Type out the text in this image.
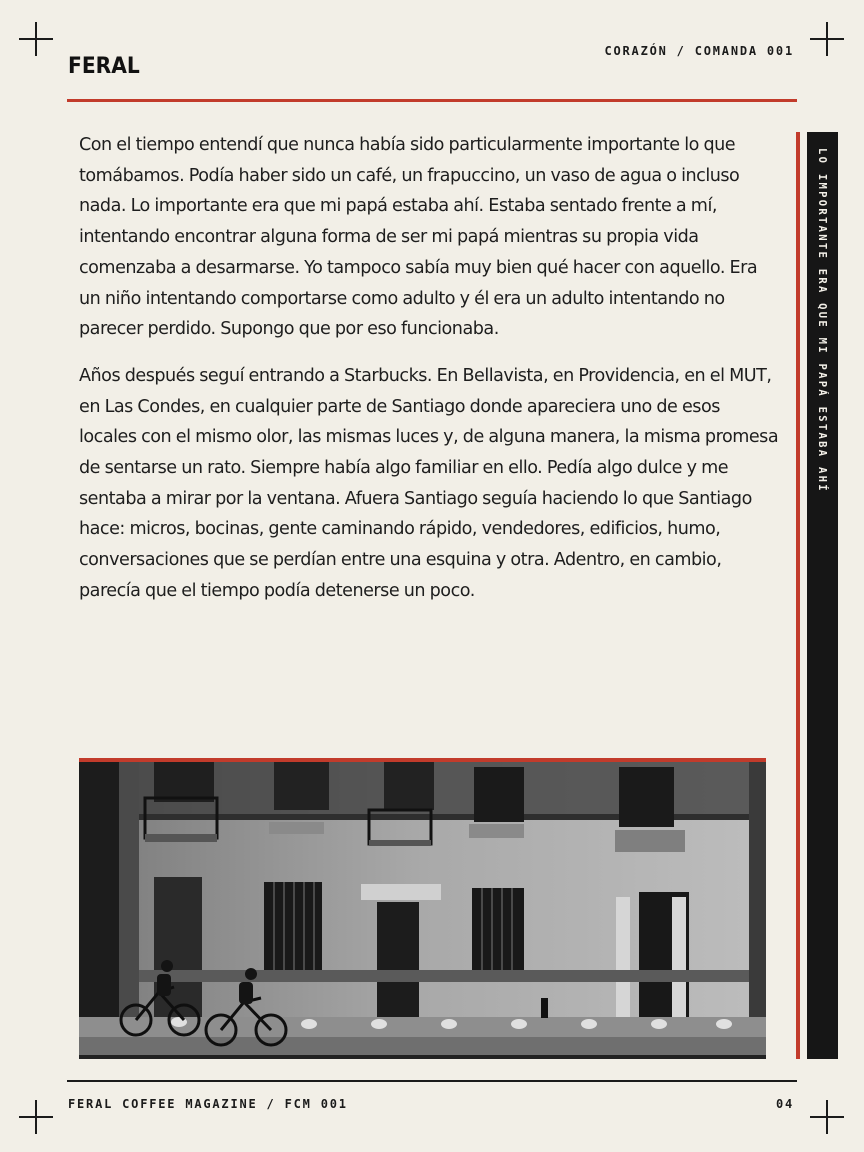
FERAL
CORAZÓN / COMANDA 001

Con el tiempo entendí que nunca había sido particularmente importante lo que tomábamos. Podía haber sido un café, un frapuccino, un vaso de agua o incluso nada. Lo importante era que mi papá estaba ahí. Estaba sentado frente a mí, intentando encontrar alguna forma de ser mi papá mientras su propia vida comenzaba a desarmarse. Yo tampoco sabía muy bien qué hacer con aquello. Era un niño intentando comportarse como adulto y él era un adulto intentando no parecer perdido. Supongo que por eso funcionaba.

Años después seguí entrando a Starbucks. En Bellavista, en Providencia, en el MUT, en Las Condes, en cualquier parte de Santiago donde apareciera uno de esos locales con el mismo olor, las mismas luces y, de alguna manera, la misma promesa de sentarse un rato. Siempre había algo familiar en ello. Pedía algo dulce y me sentaba a mirar por la ventana. Afuera Santiago seguía haciendo lo que Santiago hace: micros, bocinas, gente caminando rápido, vendedores, edificios, humo, conversaciones que se perdían entre una esquina y otra. Adentro, en cambio, parecía que el tiempo podía detenerse un poco.

LO IMPORTANTE ERA QUE MI PAPÁ ESTABA AHÍ
FERAL COFFEE MAGAZINE / FCM 001	04
